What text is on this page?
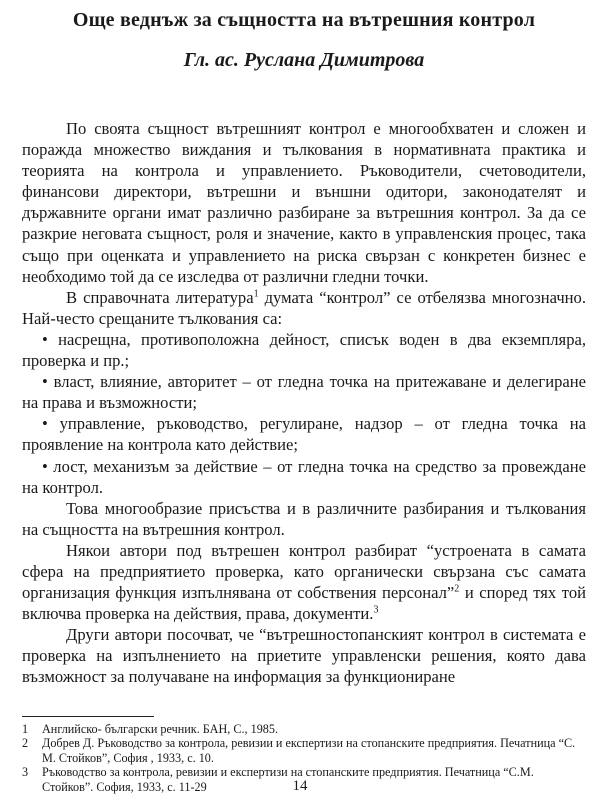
Още веднъж за същността на вътрешния контрол
Гл. ас. Руслана Димитрова

По своята същност вътрешният контрол е многообхватен и сложен и поражда множество виждания и тълкования в нормативната практика и теорията на контрола и управлението. Ръководители, счетоводители, финансови директори, вътрешни и външни одитори, законодателят и държавните органи имат различно разбиране за вътрешния контрол. За да се разкрие неговата същност, роля и значение, както в управленския процес, така също при оценката и управлението на риска свързан с конкретен бизнес е необходимо той да се изследва от различни гледни точки.

В справочната литература$^1$ думата “контрол” се отбелязва многозначно. Най-често срещаните тълкования са:

• насрещна, противоположна дейност, списък воден в два екземпляра, проверка и пр.;

• власт, влияние, авторитет – от гледна точка на притежаване и делегиране на права и възможности;

• управление, ръководство, регулиране, надзор – от гледна точка на проявление на контрола като действие;

• лост, механизъм за действие – от гледна точка на средство за провеждане на контрол.

Това многообразие присъства и в различните разбирания и тълкования на същността на вътрешния контрол.

Някои автори под вътрешен контрол разбират “устроената в самата сфера на предприятието проверка, като органически свързана със самата организация функция изпълнявана от собствения персонал”$^2$ и според тях той включва проверка на действия, права, документи.$^3$

Други автори посочват, че “вътрешностопанският контрол в системата е проверка на изпълнението на приетите управленски решения, която дава възможност за получаване на информация за функциониране

1	Английско- български речник. БАН, С., 1985.
2	Добрев Д. Ръководство за контрола, ревизии и експертизи на стопанските предприятия. Печатница “С. М. Стойков”, София , 1933, с. 10.
3	Ръководство за контрола, ревизии и експертизи на стопанските предприятия. Печатница “С.М. Стойков”. София, 1933, с. 11-29	14
